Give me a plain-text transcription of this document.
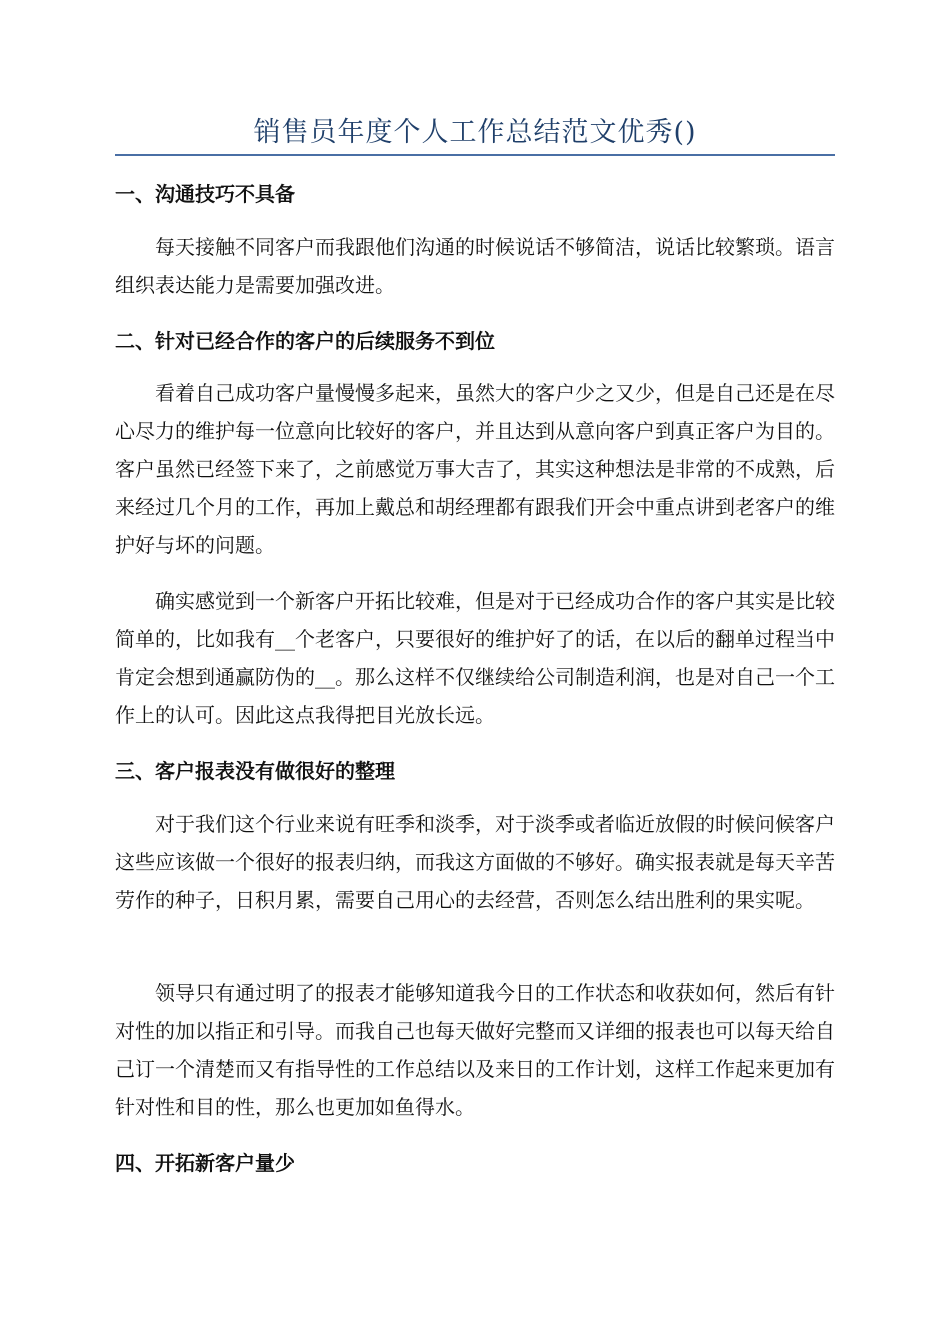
销售员年度个人工作总结范文优秀()
一、沟通技巧不具备
每天接触不同客户而我跟他们沟通的时候说话不够简洁，说话比较繁琐。语言组织表达能力是需要加强改进。
二、针对已经合作的客户的后续服务不到位
看着自己成功客户量慢慢多起来，虽然大的客户少之又少，但是自己还是在尽心尽力的维护每一位意向比较好的客户，并且达到从意向客户到真正客户为目的。客户虽然已经签下来了，之前感觉万事大吉了，其实这种想法是非常的不成熟，后来经过几个月的工作，再加上戴总和胡经理都有跟我们开会中重点讲到老客户的维护好与坏的问题。
确实感觉到一个新客户开拓比较难，但是对于已经成功合作的客户其实是比较简单的，比如我有__个老客户，只要很好的维护好了的话，在以后的翻单过程当中肯定会想到通赢防伪的__。那么这样不仅继续给公司制造利润，也是对自己一个工作上的认可。因此这点我得把目光放长远。
三、客户报表没有做很好的整理
对于我们这个行业来说有旺季和淡季，对于淡季或者临近放假的时候问候客户这些应该做一个很好的报表归纳，而我这方面做的不够好。确实报表就是每天辛苦劳作的种子，日积月累，需要自己用心的去经营，否则怎么结出胜利的果实呢。
领导只有通过明了的报表才能够知道我今日的工作状态和收获如何，然后有针对性的加以指正和引导。而我自己也每天做好完整而又详细的报表也可以每天给自己订一个清楚而又有指导性的工作总结以及来日的工作计划，这样工作起来更加有针对性和目的性，那么也更加如鱼得水。
四、开拓新客户量少
